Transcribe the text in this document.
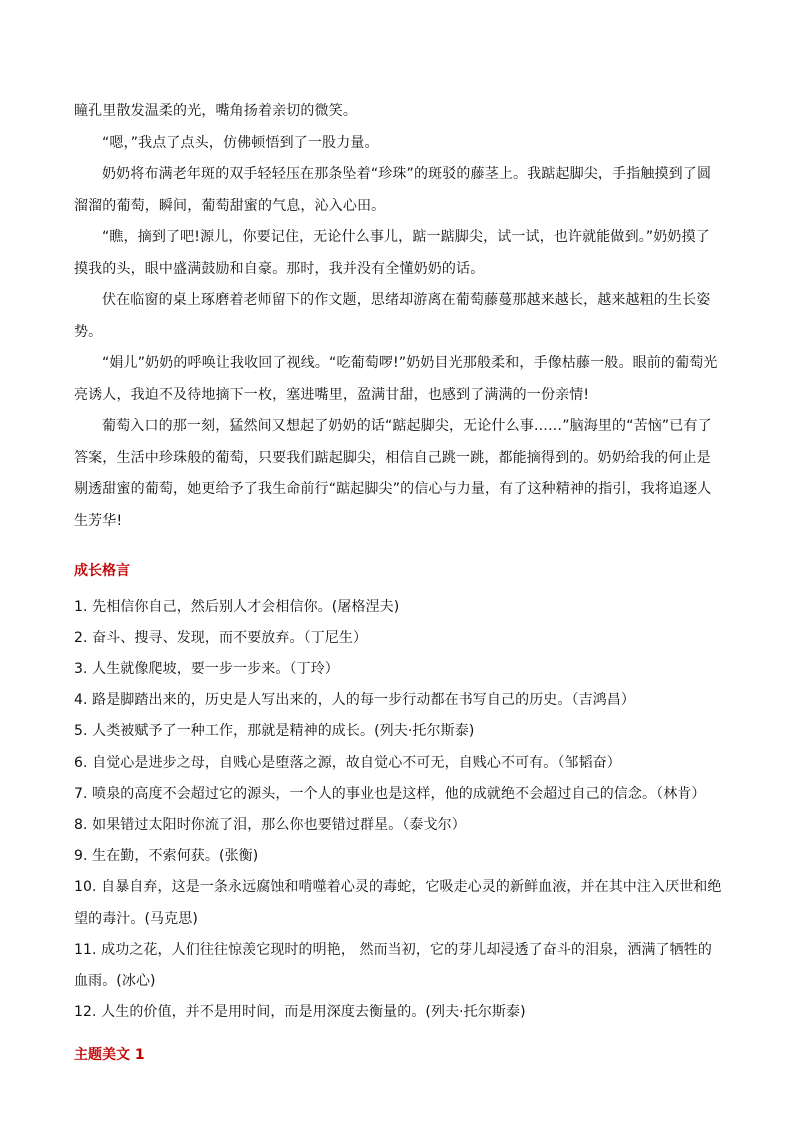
瞳孔里散发温柔的光，嘴角扬着亲切的微笑。

“嗯，”我点了点头，仿佛顿悟到了一股力量。

奶奶将布满老年斑的双手轻轻压在那条坠着“珍珠”的斑驳的藤茎上。我踮起脚尖，手指触摸到了圆溜溜的葡萄，瞬间，葡萄甜蜜的气息，沁入心田。

“瞧，摘到了吧!源儿，你要记住，无论什么事儿，踮一踮脚尖，试一试，也许就能做到。”奶奶摸了摸我的头，眼中盛满鼓励和自豪。那时，我并没有全懂奶奶的话。

伏在临窗的桌上琢磨着老师留下的作文题，思绪却游离在葡萄藤蔓那越来越长，越来越粗的生长姿势。

“娟儿”奶奶的呼唤让我收回了视线。“吃葡萄啰!”奶奶目光那般柔和，手像枯藤一般。眼前的葡萄光亮诱人，我迫不及待地摘下一枚，塞进嘴里，盈满甘甜，也感到了满满的一份亲情!

葡萄入口的那一刻，猛然间又想起了奶奶的话“踮起脚尖，无论什么事……”脑海里的“苦恼”已有了答案，生活中珍珠般的葡萄，只要我们踮起脚尖，相信自己跳一跳，都能摘得到的。奶奶给我的何止是剔透甜蜜的葡萄，她更给予了我生命前行“踮起脚尖”的信心与力量，有了这种精神的指引，我将追逐人生芳华!

成长格言
1. 先相信你自己，然后别人才会相信你。(屠格涅夫)
2. 奋斗、搜寻、发现，而不要放弃。（丁尼生）
3. 人生就像爬坡，要一步一步来。（丁玲）
4. 路是脚踏出来的，历史是人写出来的，人的每一步行动都在书写自己的历史。（吉鸿昌）
5. 人类被赋予了一种工作，那就是精神的成长。(列夫·托尔斯泰)
6. 自觉心是进步之母，自贱心是堕落之源，故自觉心不可无，自贱心不可有。（邹韬奋）
7. 喷泉的高度不会超过它的源头，一个人的事业也是这样，他的成就绝不会超过自己的信念。（林肯）
8. 如果错过太阳时你流了泪，那么你也要错过群星。（泰戈尔）
9. 生在勤，不索何获。(张衡)
10. 自暴自弃，这是一条永远腐蚀和啃噬着心灵的毒蛇，它吸走心灵的新鲜血液，并在其中注入厌世和绝望的毒汁。(马克思)
11. 成功之花，人们往往惊羡它现时的明艳， 然而当初，它的芽儿却浸透了奋斗的泪泉，洒满了牺牲的血雨。(冰心)
12. 人生的价值，并不是用时间，而是用深度去衡量的。(列夫·托尔斯泰)
主题美文 1
